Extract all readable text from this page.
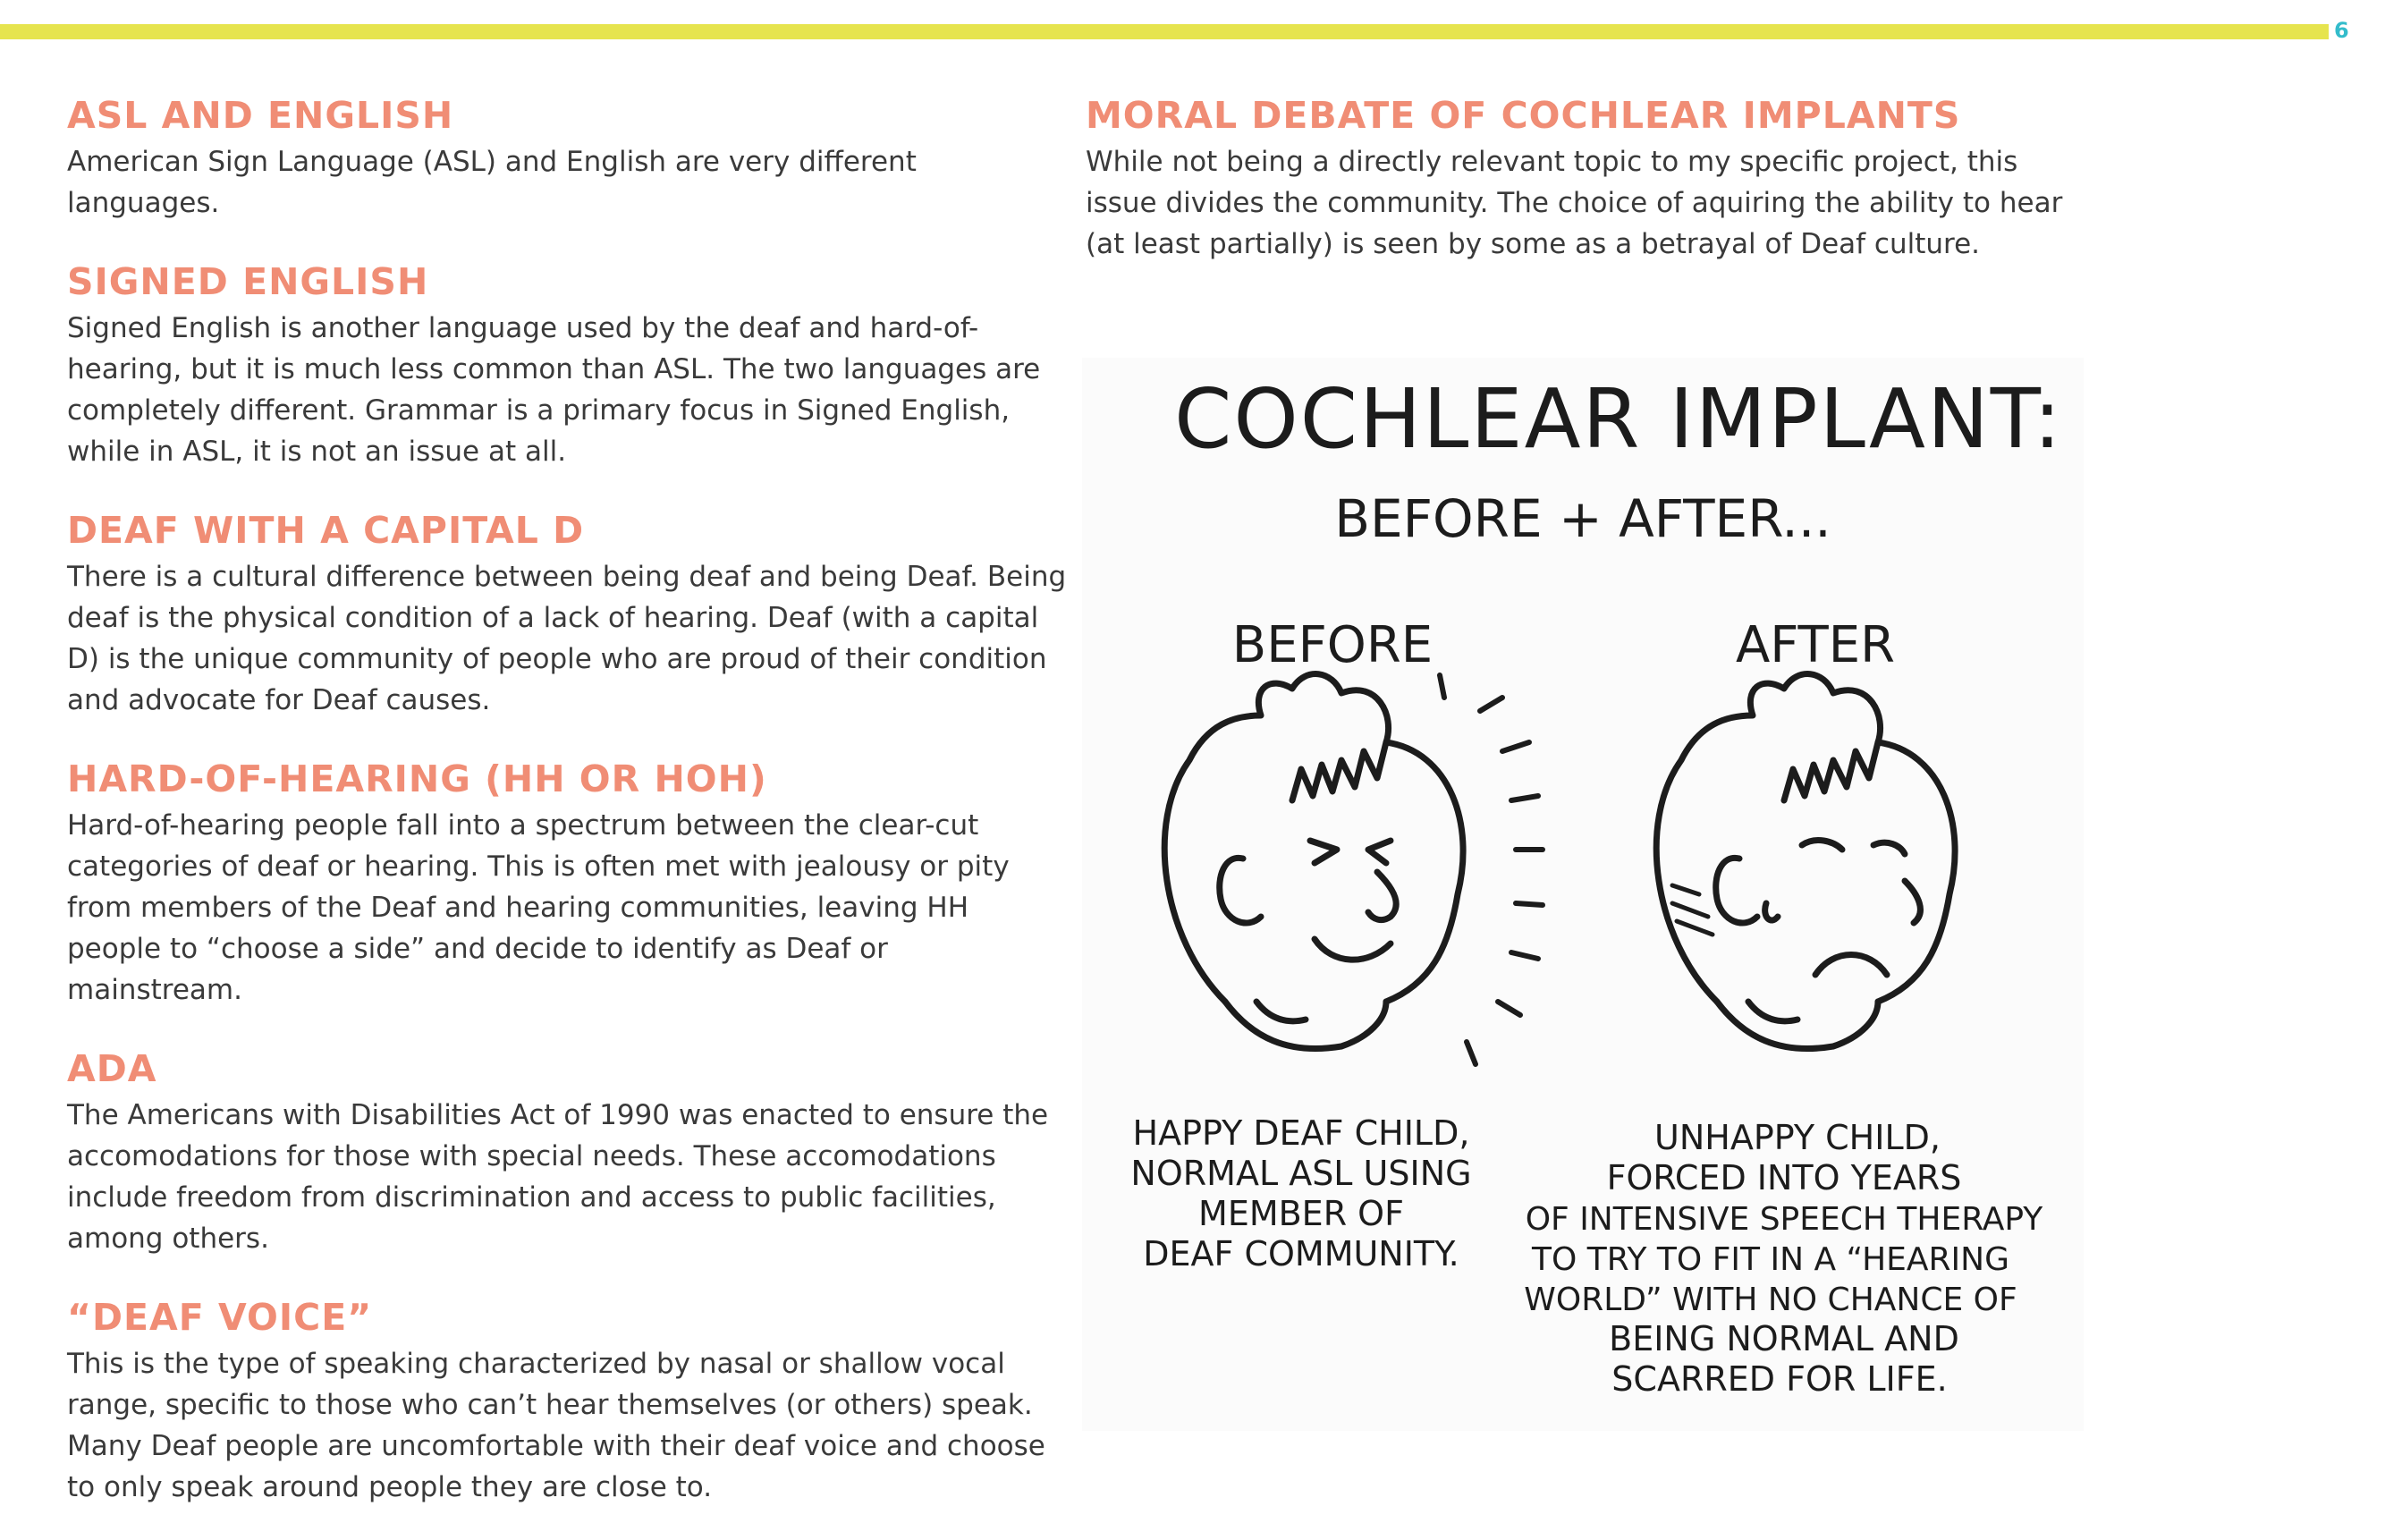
6
ASL AND ENGLISH

American Sign Language (ASL) and English are very different languages.

SIGNED ENGLISH

Signed English is another language used by the deaf and hard-of-hearing, but it is much less common than ASL. The two languages are completely different. Grammar is a primary focus in Signed English, while in ASL, it is not an issue at all.

DEAF WITH A CAPITAL D

There is a cultural difference between being deaf and being Deaf. Being deaf is the physical condition of a lack of hearing. Deaf (with a capital D) is the unique community of people who are proud of their condition and advocate for Deaf causes.

HARD-OF-HEARING (HH OR HOH)

Hard-of-hearing people fall into a spectrum between the clear-cut categories of deaf or hearing. This is often met with jealousy or pity from members of the Deaf and hearing communities, leaving HH people to “choose a side” and decide to identify as Deaf or mainstream.

ADA

The Americans with Disabilities Act of 1990 was enacted to ensure the accomodations for those with special needs. These accomodations include freedom from discrimination and access to public facilities, among others.

“DEAF VOICE”

This is the type of speaking characterized by nasal or shallow vocal range, specific to those who can’t hear themselves (or others) speak. Many Deaf people are uncomfortable with their deaf voice and choose to only speak around people they are close to.

MORAL DEBATE OF COCHLEAR IMPLANTS

While not being a directly relevant topic to my specific project, this issue divides the community. The choice of aquiring the ability to hear (at least partially) is seen by some as a betrayal of Deaf culture.

COCHLEAR IMPLANT:
BEFORE + AFTER...
BEFORE	AFTER
HAPPY DEAF CHILD,
NORMAL ASL USING
MEMBER OF
DEAF COMMUNITY.
UNHAPPY CHILD,
FORCED INTO YEARS
OF INTENSIVE SPEECH THERAPY
TO TRY TO FIT IN A “HEARING
WORLD” WITH NO CHANCE OF
BEING NORMAL AND
SCARRED FOR LIFE.
